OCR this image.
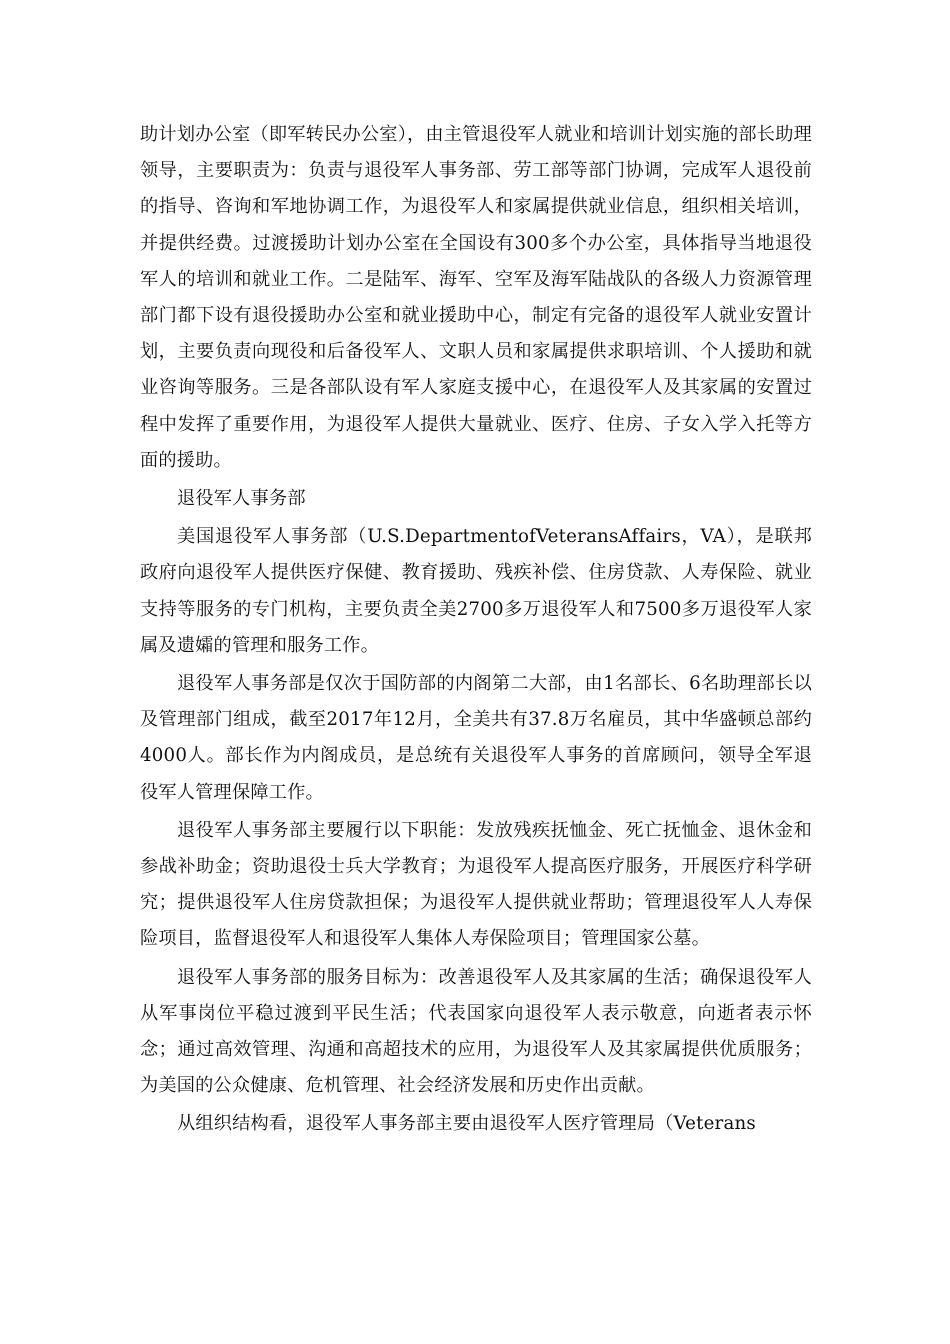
助计划办公室（即军转民办公室），由主管退役军人就业和培训计划实施的部长助理领导，主要职责为：负责与退役军人事务部、劳工部等部门协调，完成军人退役前的指导、咨询和军地协调工作，为退役军人和家属提供就业信息，组织相关培训，并提供经费。过渡援助计划办公室在全国设有300多个办公室，具体指导当地退役军人的培训和就业工作。二是陆军、海军、空军及海军陆战队的各级人力资源管理部门都下设有退役援助办公室和就业援助中心，制定有完备的退役军人就业安置计划，主要负责向现役和后备役军人、文职人员和家属提供求职培训、个人援助和就业咨询等服务。三是各部队设有军人家庭支援中心，在退役军人及其家属的安置过程中发挥了重要作用，为退役军人提供大量就业、医疗、住房、子女入学入托等方面的援助。

退役军人事务部

美国退役军人事务部（U.S.DepartmentofVeteransAffairs，VA），是联邦政府向退役军人提供医疗保健、教育援助、残疾补偿、住房贷款、人寿保险、就业支持等服务的专门机构，主要负责全美2700多万退役军人和7500多万退役军人家属及遗孀的管理和服务工作。

退役军人事务部是仅次于国防部的内阁第二大部，由1名部长、6名助理部长以及管理部门组成，截至2017年12月，全美共有37.8万名雇员，其中华盛顿总部约4000人。部长作为内阁成员，是总统有关退役军人事务的首席顾问，领导全军退役军人管理保障工作。

退役军人事务部主要履行以下职能：发放残疾抚恤金、死亡抚恤金、退休金和参战补助金；资助退役士兵大学教育；为退役军人提高医疗服务，开展医疗科学研究；提供退役军人住房贷款担保；为退役军人提供就业帮助；管理退役军人人寿保险项目，监督退役军人和退役军人集体人寿保险项目；管理国家公墓。

退役军人事务部的服务目标为：改善退役军人及其家属的生活；确保退役军人从军事岗位平稳过渡到平民生活；代表国家向退役军人表示敬意，向逝者表示怀念；通过高效管理、沟通和高超技术的应用，为退役军人及其家属提供优质服务；为美国的公众健康、危机管理、社会经济发展和历史作出贡献。

从组织结构看，退役军人事务部主要由退役军人医疗管理局（Veterans
